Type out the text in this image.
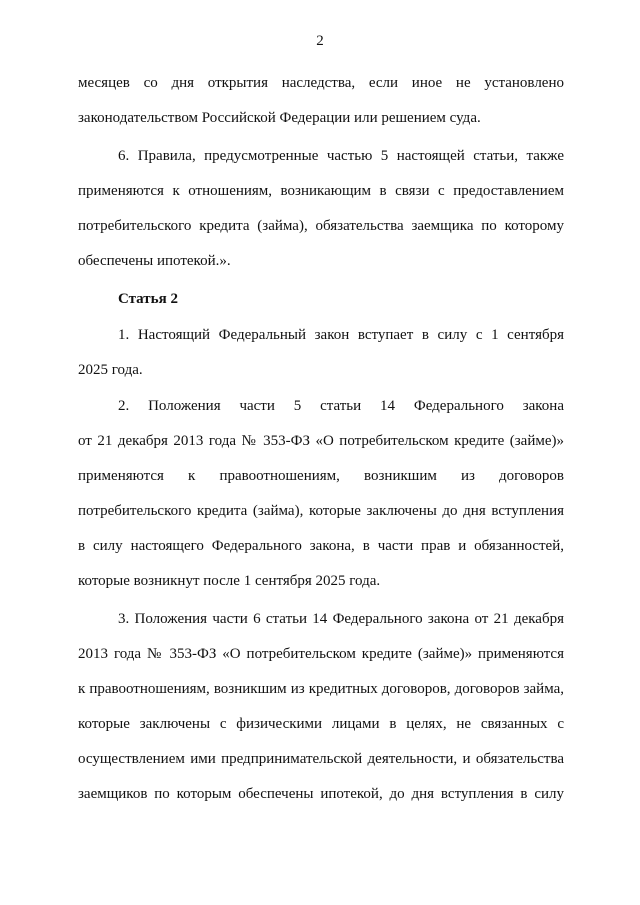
2
месяцев со дня открытия наследства, если иное не установлено
законодательством Российской Федерации или решением суда.
6. Правила, предусмотренные частью 5 настоящей статьи, также
применяются к отношениям, возникающим в связи с предоставлением
потребительского кредита (займа), обязательства заемщика по которому
обеспечены ипотекой.».
Статья 2
1. Настоящий Федеральный закон вступает в силу с 1 сентября
2025 года.
2. Положения части 5 статьи 14 Федерального закона
от 21 декабря 2013 года № 353-ФЗ «О потребительском кредите (займе)»
применяются к правоотношениям, возникшим из договоров
потребительского кредита (займа), которые заключены до дня вступления
в силу настоящего Федерального закона, в части прав и обязанностей,
которые возникнут после 1 сентября 2025 года.
3. Положения части 6 статьи 14 Федерального закона от 21 декабря
2013 года № 353-ФЗ «О потребительском кредите (займе)» применяются
к правоотношениям, возникшим из кредитных договоров, договоров займа,
которые заключены с физическими лицами в целях, не связанных с
осуществлением ими предпринимательской деятельности, и обязательства
заемщиков по которым обеспечены ипотекой, до дня вступления в силу
